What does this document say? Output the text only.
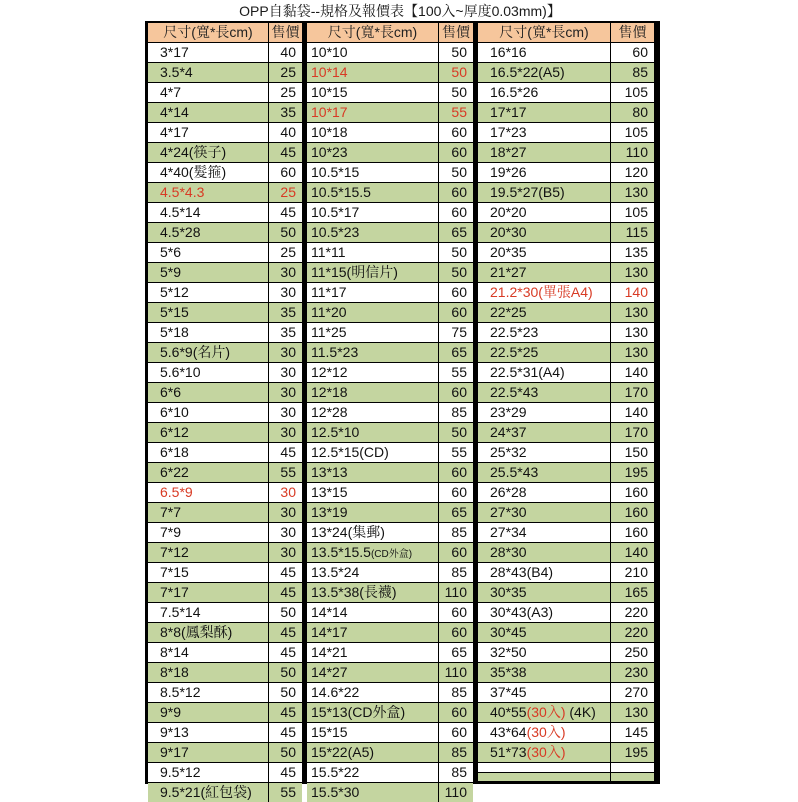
OPP自黏袋--規格及報價表【100入~厚度0.03mm)】
尺寸(寬*長cm)	售價
3*17	40
3.5*4	25
4*7	25
4*14	35
4*17	40
4*24(筷子)	45
4*40(髮箍)	60
4.5*4.3	25
4.5*14	45
4.5*28	50
5*6	25
5*9	30
5*12	30
5*15	35
5*18	35
5.6*9(名片)	30
5.6*10	30
6*6	30
6*10	30
6*12	30
6*18	45
6*22	55
6.5*9	30
7*7	30
7*9	30
7*12	30
7*15	45
7*17	45
7.5*14	50
8*8(鳳梨酥)	45
8*14	45
8*18	50
8.5*12	50
9*9	45
9*13	45
9*17	50
9.5*12	45
9.5*21(紅包袋)	55
尺寸(寬*長cm)	售價
10*10	50
10*14	50
10*15	50
10*17	55
10*18	60
10*23	60
10.5*15	50
10.5*15.5	60
10.5*17	60
10.5*23	65
11*11	50
11*15(明信片)	50
11*17	60
11*20	60
11*25	75
11.5*23	65
12*12	55
12*18	60
12*28	85
12.5*10	50
12.5*15(CD)	55
13*13	60
13*15	60
13*19	65
13*24(集郵)	85
13.5*15.5(CD外盒)	60
13.5*24	85
13.5*38(長襪)	110
14*14	60
14*17	60
14*21	65
14*27	110
14.6*22	85
15*13(CD外盒)	60
15*15	60
15*22(A5)	85
15.5*22	85
15.5*30	110
尺寸(寬*長cm)	售價
16*16	60
16.5*22(A5)	85
16.5*26	105
17*17	80
17*23	105
18*27	110
19*26	120
19.5*27(B5)	130
20*20	105
20*30	115
20*35	135
21*27	130
21.2*30(單張A4)	140
22*25	130
22.5*23	130
22.5*25	130
22.5*31(A4)	140
22.5*43	170
23*29	140
24*37	170
25*32	150
25.5*43	195
26*28	160
27*30	160
27*34	160
28*30	140
28*43(B4)	210
30*35	165
30*43(A3)	220
30*45	220
32*50	250
35*38	230
37*45	270
40*55(30入) (4K)	130
43*64(30入)	145
51*73(30入)	195
